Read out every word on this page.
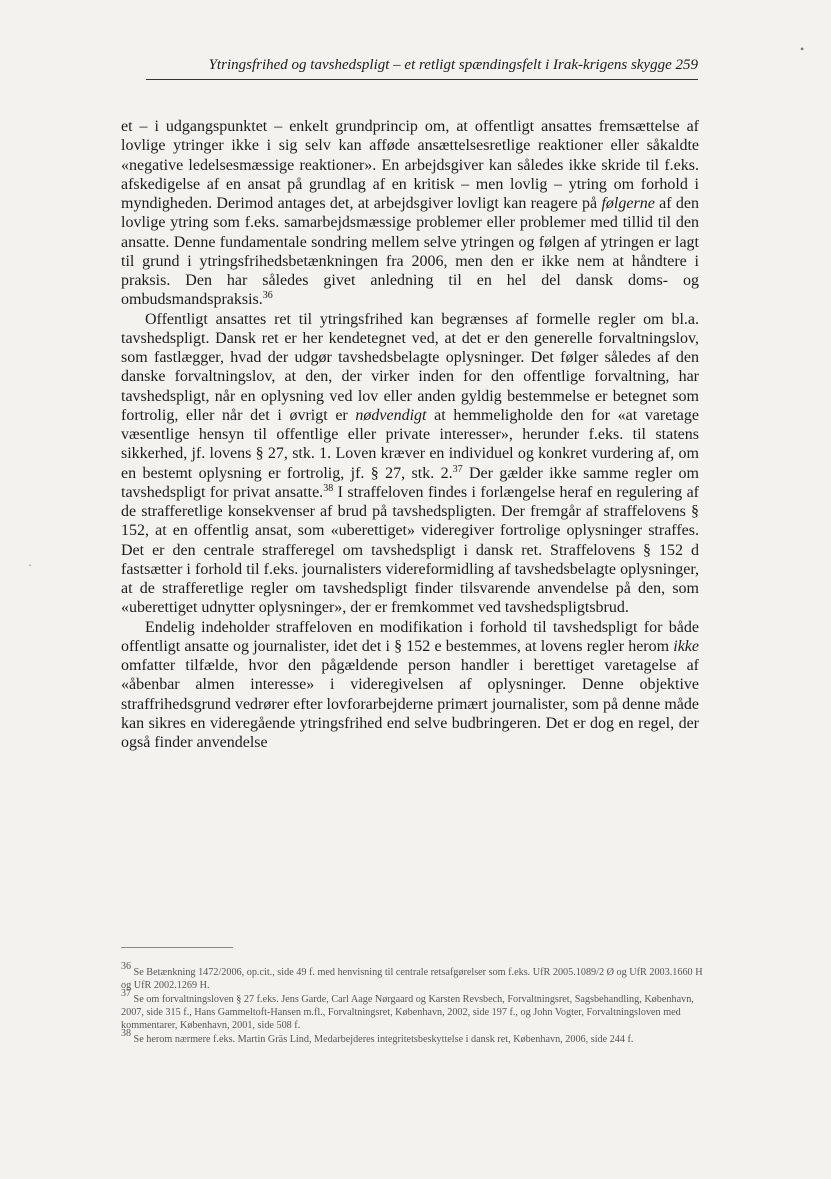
Ytringsfrihed og tavshedspligt – et retligt spændingsfelt i Irak-krigens skygge 259

et – i udgangspunktet – enkelt grundprincip om, at offentligt ansattes fremsættelse af lovlige ytringer ikke i sig selv kan afføde ansættelsesretlige reaktioner eller såkaldte «negative ledelsesmæssige reaktioner». En arbejdsgiver kan således ikke skride til f.eks. afskedigelse af en ansat på grundlag af en kritisk – men lovlig – ytring om forhold i myndigheden. Derimod antages det, at arbejdsgiver lovligt kan reagere på følgerne af den lovlige ytring som f.eks. samarbejdsmæssige problemer eller problemer med tillid til den ansatte. Denne fundamentale sondring mellem selve ytringen og følgen af ytringen er lagt til grund i ytringsfrihedsbetænkningen fra 2006, men den er ikke nem at håndtere i praksis. Den har således givet anledning til en hel del dansk doms- og ombudsmandspraksis.$^{36}$

Offentligt ansattes ret til ytringsfrihed kan begrænses af formelle regler om bl.a. tavshedspligt. Dansk ret er her kendetegnet ved, at det er den generelle forvaltningslov, som fastlægger, hvad der udgør tavshedsbelagte oplysninger. Det følger således af den danske forvaltningslov, at den, der virker inden for den offentlige forvaltning, har tavshedspligt, når en oplysning ved lov eller anden gyldig bestemmelse er betegnet som fortrolig, eller når det i øvrigt er nødvendigt at hemmeligholde den for «at varetage væsentlige hensyn til offentlige eller private interesser», herunder f.eks. til statens sikkerhed, jf. lovens § 27, stk. 1. Loven kræver en individuel og konkret vurdering af, om en bestemt oplysning er fortrolig, jf. § 27, stk. 2.37 Der gælder ikke samme regler om tavshedspligt for privat ansatte.$^{38}$ I straffeloven findes i forlængelse heraf en regulering af de strafferetlige konsekvenser af brud på tavshedspligten. Der fremgår af straffelovens § 152, at en offentlig ansat, som «uberettiget» videregiver fortrolige oplysninger straffes. Det er den centrale strafferegel om tavshedspligt i dansk ret. Straffelovens § 152 d fastsætter i forhold til f.eks. journalisters videreformidling af tavshedsbelagte oplysninger, at de strafferetlige regler om tavshedspligt finder tilsvarende anvendelse på den, som «uberettiget udnytter oplysninger», der er fremkommet ved tavshedspligtsbrud.

Endelig indeholder straffeloven en modifikation i forhold til tavshedspligt for både offentligt ansatte og journalister, idet det i § 152 e bestemmes, at lovens regler herom ikke omfatter tilfælde, hvor den pågældende person handler i berettiget varetagelse af «åbenbar almen interesse» i videregivelsen af oplysninger. Denne objektive straffrihedsgrund vedrører efter lovforarbejderne primært journalister, som på denne måde kan sikres en videregående ytringsfrihed end selve budbringeren. Det er dog en regel, der også finder anvendelse

$^{36}$ Se Betænkning 1472/2006, op.cit., side 49 f. med henvisning til centrale retsafgørelser som f.eks. UfR 2005.1089/2 Ø og UfR 2003.1660 H og UfR 2002.1269 H.

$^{37}$ Se om forvaltningsloven § 27 f.eks. Jens Garde, Carl Aage Nørgaard og Karsten Revsbech, Forvaltningsret, Sagsbehandling, København, 2007, side 315 f., Hans Gammeltoft-Hansen m.fl., Forvaltningsret, København, 2002, side 197 f., og John Vogter, Forvaltningsloven med kommentarer, København, 2001, side 508 f.

$^{38}$ Se herom nærmere f.eks. Martin Gräs Lind, Medarbejderes integritetsbeskyttelse i dansk ret, København, 2006, side 244 f.

•
·
